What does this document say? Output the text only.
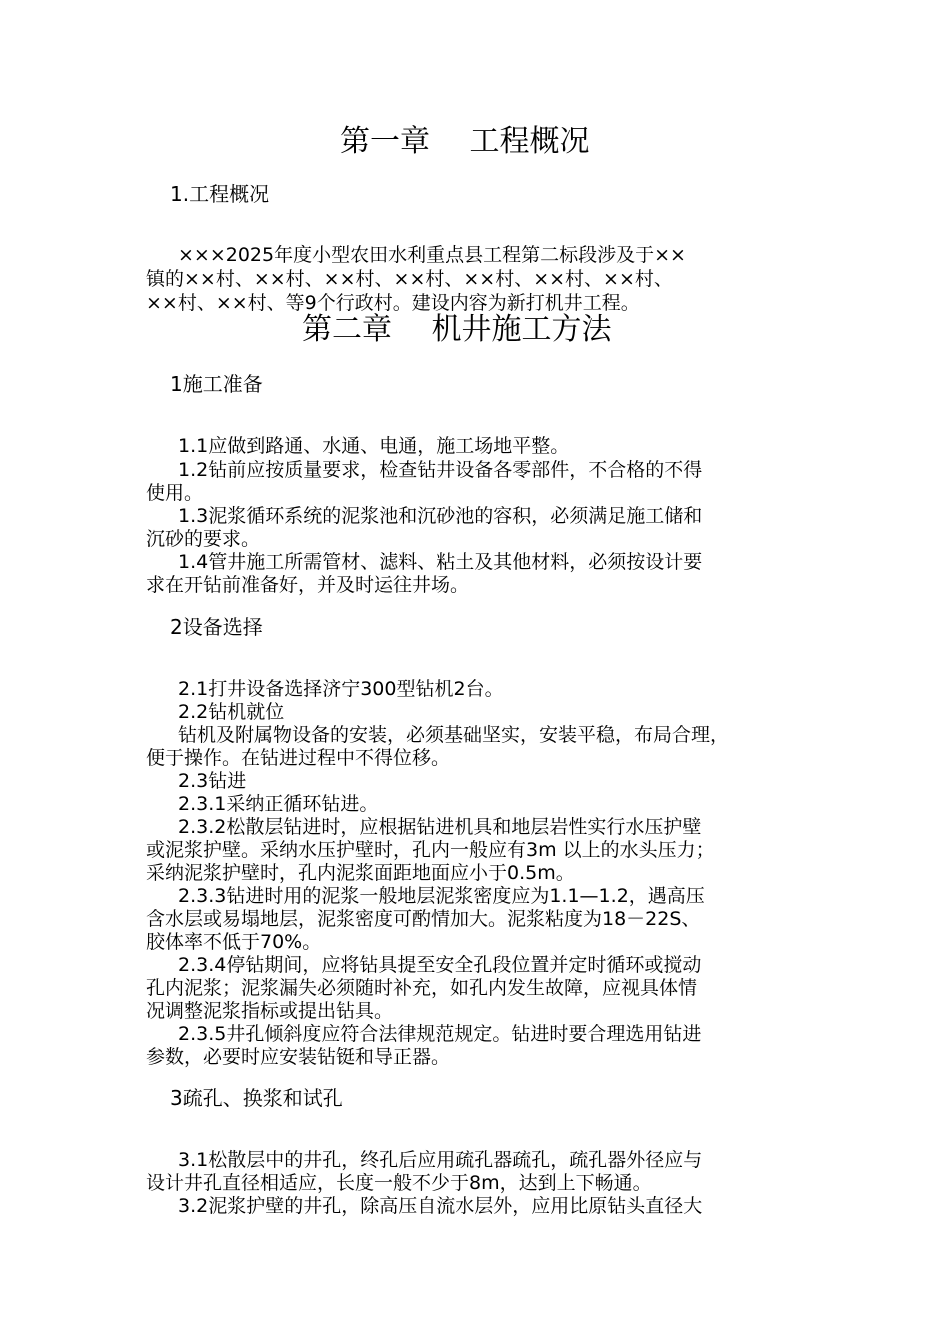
第一章　 工程概况
1.工程概况
×××2025年度小型农田水利重点县工程第二标段涉及于××
镇的××村、××村、××村、××村、××村、××村、××村、
××村、××村、等9个行政村。建设内容为新打机井工程。
第二章　 机井施工方法
1施工准备
1.1应做到路通、水通、电通，施工场地平整。
1.2钻前应按质量要求，检查钻井设备各零部件，不合格的不得
使用。
1.3泥浆循环系统的泥浆池和沉砂池的容积，必须满足施工储和
沉砂的要求。
1.4管井施工所需管材、滤料、粘土及其他材料，必须按设计要
求在开钻前准备好，并及时运往井场。
2设备选择
2.1打井设备选择济宁300型钻机2台。
2.2钻机就位
钻机及附属物设备的安装，必须基础坚实，安装平稳，布局合理，
便于操作。在钻进过程中不得位移。
2.3钻进
2.3.1采纳正循环钻进。
2.3.2松散层钻进时，应根据钻进机具和地层岩性实行水压护壁
或泥浆护壁。采纳水压护壁时，孔内一般应有3m 以上的水头压力；
采纳泥浆护壁时，孔内泥浆面距地面应小于0.5m。
2.3.3钻进时用的泥浆一般地层泥浆密度应为1.1—1.2，遇高压
含水层或易塌地层，泥浆密度可酌情加大。泥浆粘度为18－22S、
胶体率不低于70%。
2.3.4停钻期间，应将钻具提至安全孔段位置并定时循环或搅动
孔内泥浆；泥浆漏失必须随时补充，如孔内发生故障，应视具体情
况调整泥浆指标或提出钻具。
2.3.5井孔倾斜度应符合法律规范规定。钻进时要合理选用钻进
参数，必要时应安装钻铤和导正器。
3疏孔、换浆和试孔
3.1松散层中的井孔，终孔后应用疏孔器疏孔，疏孔器外径应与
设计井孔直径相适应，长度一般不少于8m，达到上下畅通。
3.2泥浆护壁的井孔，除高压自流水层外，应用比原钻头直径大
